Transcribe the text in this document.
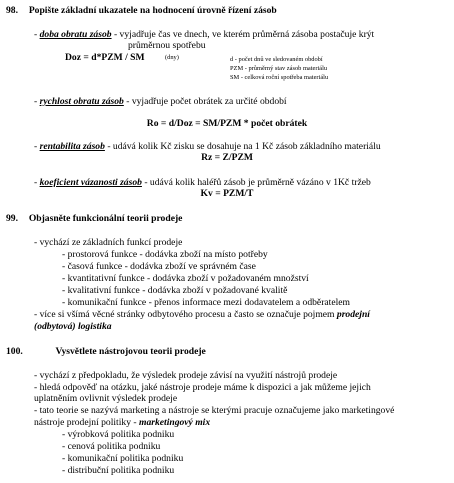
98. Popište základní ukazatele na hodnocení úrovně řízení zásob
- doba obratu zásob - vyjadřuje čas ve dnech, ve kterém průměrná zásoba postačuje krýt
průměrnou spotřebu
Doz = d*PZM / SM	(dny)	d - počet dnů ve sledovaném období
PZM - průměrný stav zásob materiálu
SM - celková roční spotřeba materiálu
- rychlost obratu zásob - vyjadřuje počet obrátek za určité období
Ro = d/Doz = SM/PZM * počet obrátek
- rentabilita zásob - udává kolik Kč zisku se dosahuje na 1 Kč zásob základního materiálu
Rz = Z/PZM
- koeficient vázanosti zásob - udává kolik haléřů zásob je průměrně vázáno v 1Kč tržeb
Kv = PZM/T
99. Objasněte funkcionální teorii prodeje
- vychází ze základních funkcí prodeje
- prostorová funkce - dodávka zboží na místo potřeby
- časová funkce - dodávka zboží ve správném čase
- kvantitativní funkce - dodávka zboží v požadovaném množství
- kvalitativní funkce - dodávka zboží v požadované kvalitě
- komunikační funkce - přenos informace mezi dodavatelem a odběratelem
- více si všímá věcné stránky odbytového procesu a často se označuje pojmem prodejní
(odbytová) logistika
100.	Vysvětlete nástrojovou teorii prodeje
- vychází z předpokladu, že výsledek prodeje závisí na využití nástrojů prodeje
- hledá odpověď na otázku, jaké nástroje prodeje máme k dispozici a jak můžeme jejich
uplatněním ovlivnit výsledek prodeje
- tato teorie se nazývá marketing a nástroje se kterými pracuje označujeme jako marketingové
nástroje prodejní politiky - marketingový mix
- výrobková politika podniku
- cenová politika podniku
- komunikační politika podniku
- distribuční politika podniku
